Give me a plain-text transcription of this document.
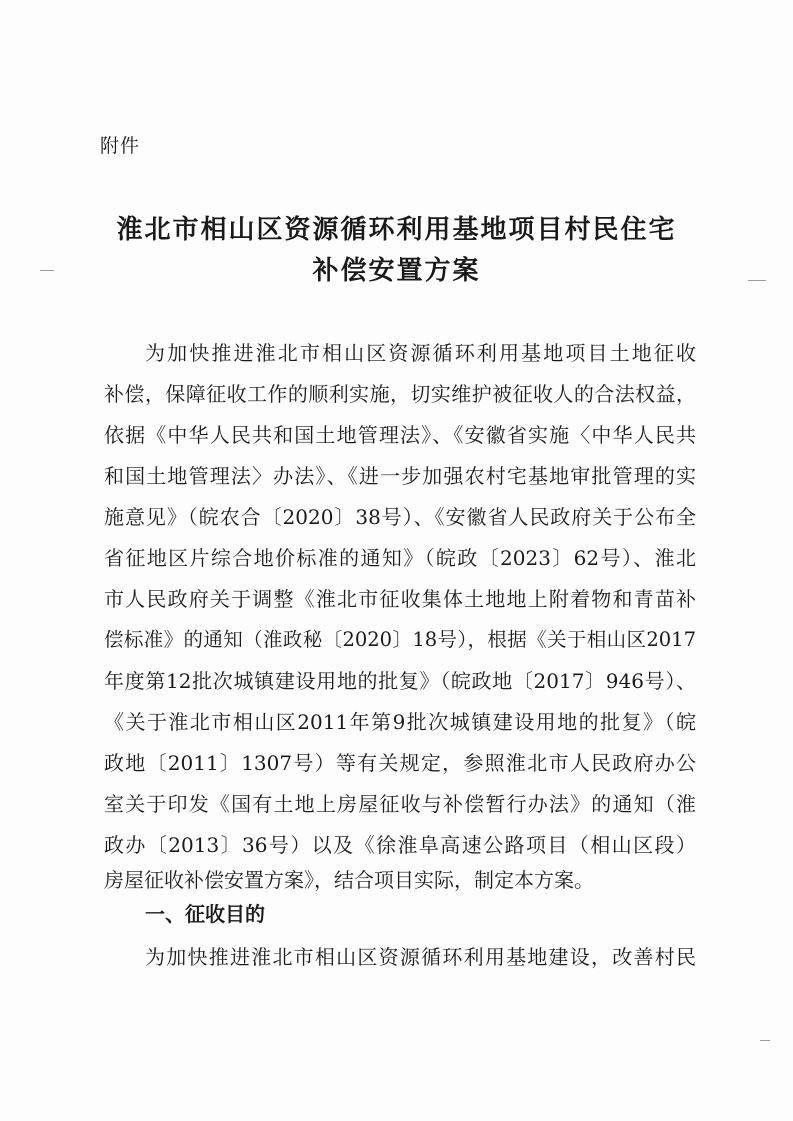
附件
淮北市相山区资源循环利用基地项目村民住宅
补偿安置方案
为加快推进淮北市相山区资源循环利用基地项目土地征收
补偿，保障征收工作的顺利实施，切实维护被征收人的合法权益，
依据《中华人民共和国土地管理法》、《安徽省实施〈中华人民共
和国土地管理法〉办法》、《进一步加强农村宅基地审批管理的实
施意见》（皖农合〔2020〕38号）、《安徽省人民政府关于公布全
省征地区片综合地价标准的通知》（皖政〔2023〕62号）、淮北
市人民政府关于调整《淮北市征收集体土地地上附着物和青苗补
偿标准》的通知（淮政秘〔2020〕18号），根据《关于相山区2017
年度第12批次城镇建设用地的批复》（皖政地〔2017〕946号）、
《关于淮北市相山区2011年第9批次城镇建设用地的批复》（皖
政地〔2011〕1307号）等有关规定，参照淮北市人民政府办公
室关于印发《国有土地上房屋征收与补偿暂行办法》的通知（淮
政办〔2013〕36号）以及《徐淮阜高速公路项目（相山区段）
房屋征收补偿安置方案》，结合项目实际，制定本方案。
一、征收目的
为加快推进淮北市相山区资源循环利用基地建设，改善村民
